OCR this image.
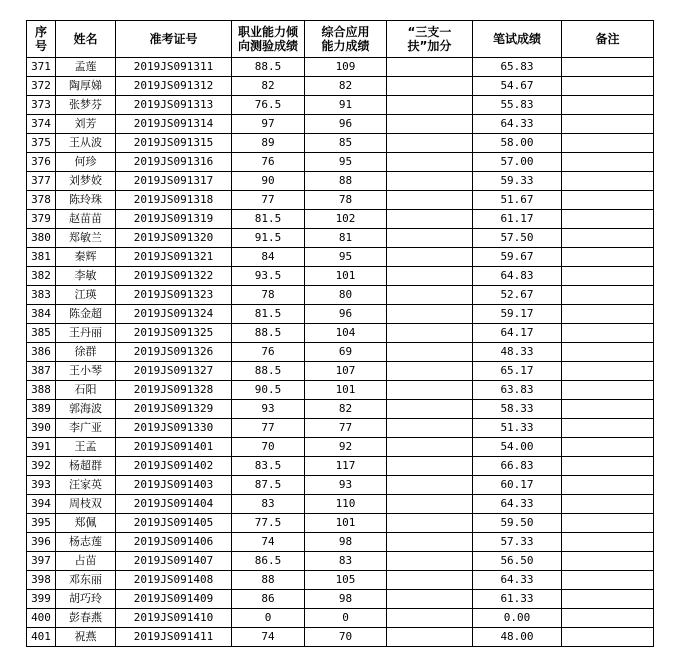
序号	姓名	准考证号	职业能力倾向测验成绩	综合应用能力成绩	“三支一扶”加分	笔试成绩	备注
371	孟莲	2019JS091311	88.5	109		65.83	
372	陶厚娣	2019JS091312	82	82		54.67	
373	张梦芬	2019JS091313	76.5	91		55.83	
374	刘芳	2019JS091314	97	96		64.33	
375	王从波	2019JS091315	89	85		58.00	
376	何珍	2019JS091316	76	95		57.00	
377	刘梦姣	2019JS091317	90	88		59.33	
378	陈玲珠	2019JS091318	77	78		51.67	
379	赵苗苗	2019JS091319	81.5	102		61.17	
380	郑敏兰	2019JS091320	91.5	81		57.50	
381	秦辉	2019JS091321	84	95		59.67	
382	李敏	2019JS091322	93.5	101		64.83	
383	江瑛	2019JS091323	78	80		52.67	
384	陈金超	2019JS091324	81.5	96		59.17	
385	王丹丽	2019JS091325	88.5	104		64.17	
386	徐群	2019JS091326	76	69		48.33	
387	王小琴	2019JS091327	88.5	107		65.17	
388	石阳	2019JS091328	90.5	101		63.83	
389	郭海波	2019JS091329	93	82		58.33	
390	李广亚	2019JS091330	77	77		51.33	
391	王孟	2019JS091401	70	92		54.00	
392	杨超群	2019JS091402	83.5	117		66.83	
393	汪家英	2019JS091403	87.5	93		60.17	
394	周枝双	2019JS091404	83	110		64.33	
395	郑佩	2019JS091405	77.5	101		59.50	
396	杨志莲	2019JS091406	74	98		57.33	
397	占苗	2019JS091407	86.5	83		56.50	
398	邓东丽	2019JS091408	88	105		64.33	
399	胡巧玲	2019JS091409	86	98		61.33	
400	彭春燕	2019JS091410	0	0		0.00	
401	祝燕	2019JS091411	74	70		48.00	
